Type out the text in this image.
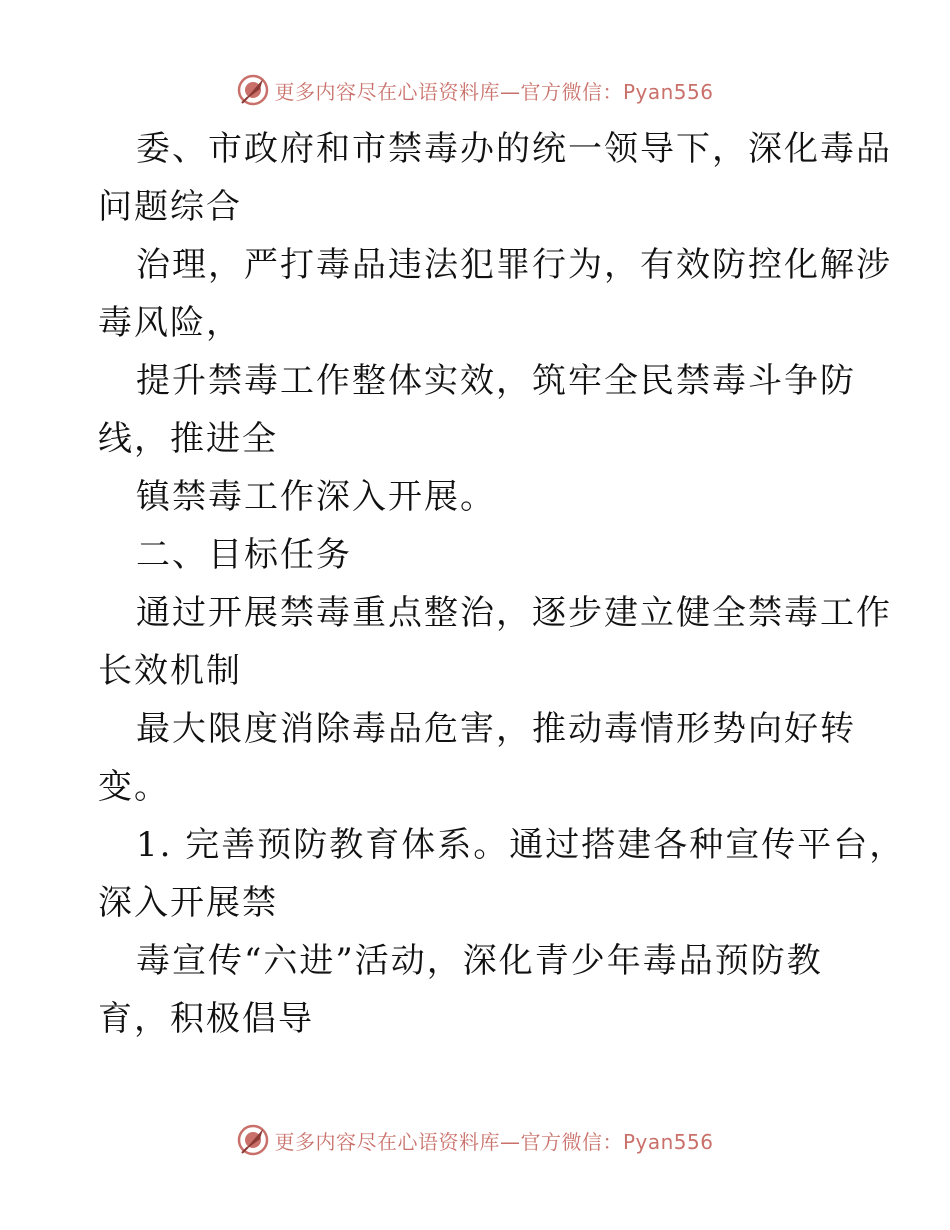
更多内容尽在心语资料库—官方微信：Pyan556
委、市政府和市禁毒办的统一领导下，深化毒品
问题综合
治理，严打毒品违法犯罪行为，有效防控化解涉
毒风险，
提升禁毒工作整体实效，筑牢全民禁毒斗争防
线，推进全
镇禁毒工作深入开展。
二、目标任务
通过开展禁毒重点整治，逐步建立健全禁毒工作
长效机制
最大限度消除毒品危害，推动毒情形势向好转
变。
1. 完善预防教育体系。通过搭建各种宣传平台，
深入开展禁
毒宣传“六进”活动，深化青少年毒品预防教
育，积极倡导
更多内容尽在心语资料库—官方微信：Pyan556
